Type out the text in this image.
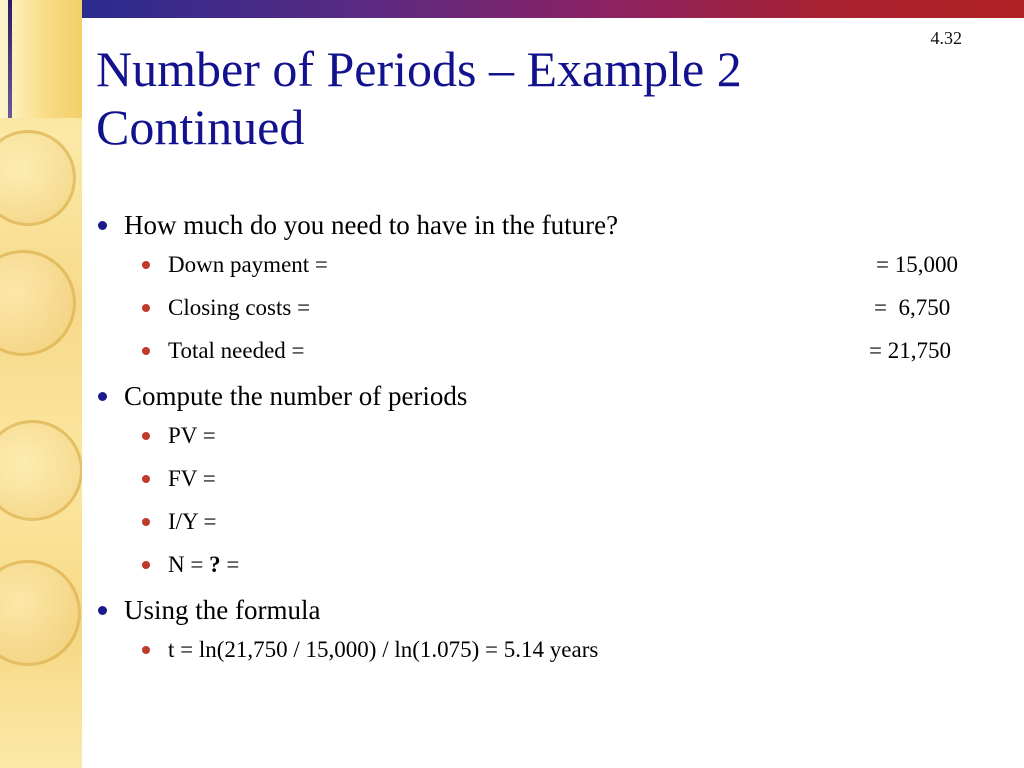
4.32
Number of Periods – Example 2
Continued
How much do you need to have in the future?
Down payment =	= 15,000
Closing costs =	=  6,750
Total needed =	= 21,750
Compute the number of periods
PV =
FV =
I/Y =
N = ? =
Using the formula
t = ln(21,750 / 15,000) / ln(1.075) = 5.14 years
